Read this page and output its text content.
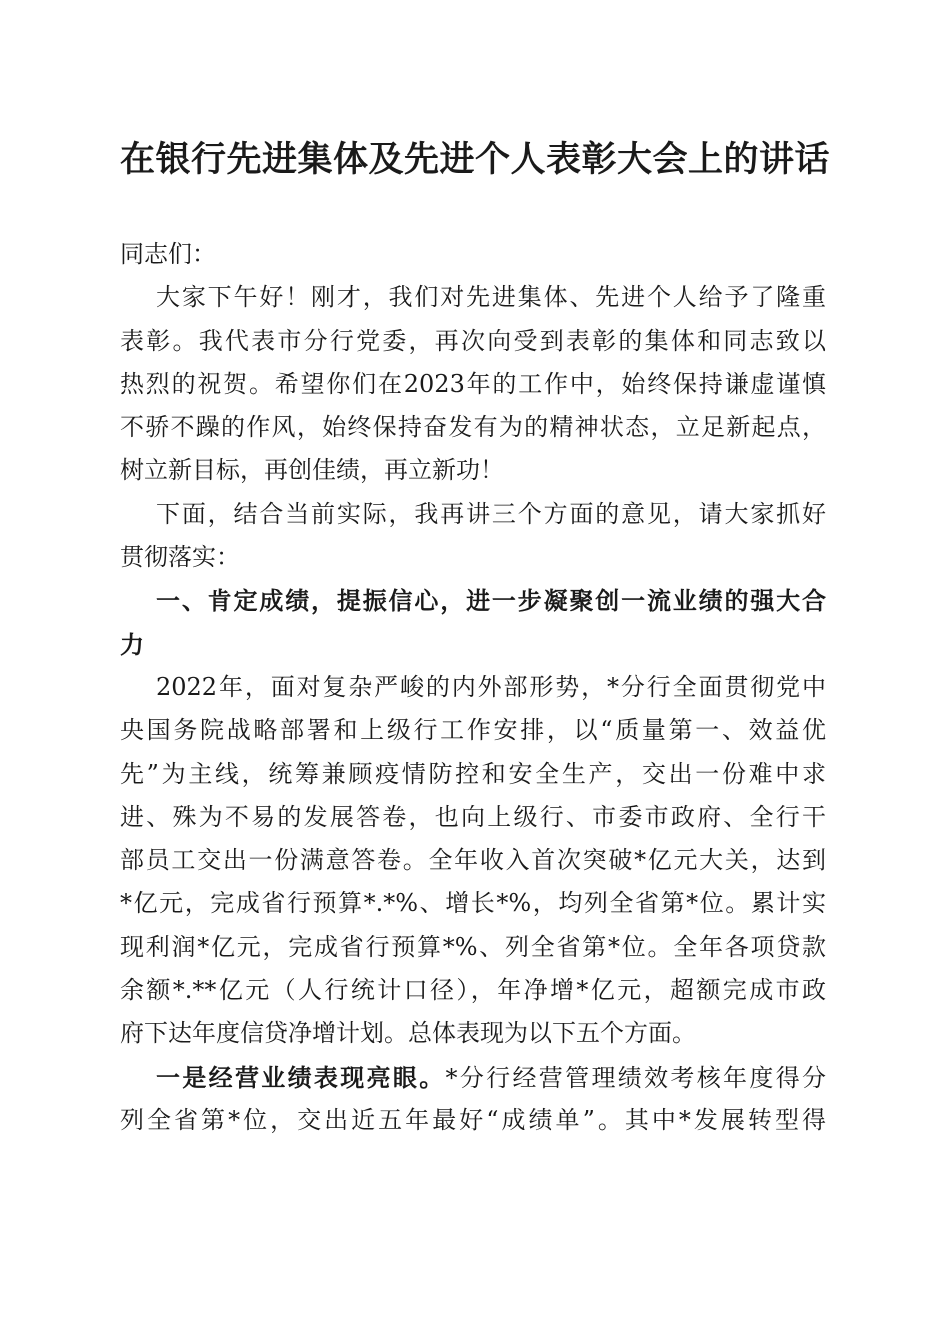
在银行先进集体及先进个人表彰大会上的讲话
同志们：
大家下午好！刚才，我们对先进集体、先进个人给予了隆重
表彰。我代表市分行党委，再次向受到表彰的集体和同志致以
热烈的祝贺。希望你们在2023年的工作中，始终保持谦虚谨慎
不骄不躁的作风，始终保持奋发有为的精神状态，立足新起点，
树立新目标，再创佳绩，再立新功！
下面，结合当前实际，我再讲三个方面的意见，请大家抓好
贯彻落实：
一、肯定成绩，提振信心，进一步凝聚创一流业绩的强大合
力
2022年，面对复杂严峻的内外部形势，*分行全面贯彻党中
央国务院战略部署和上级行工作安排，以“质量第一、效益优
先”为主线，统筹兼顾疫情防控和安全生产，交出一份难中求
进、殊为不易的发展答卷，也向上级行、市委市政府、全行干
部员工交出一份满意答卷。全年收入首次突破*亿元大关，达到
*亿元，完成省行预算*.*%、增长*%，均列全省第*位。累计实
现利润*亿元，完成省行预算*%、列全省第*位。全年各项贷款
余额*.**亿元（人行统计口径），年净增*亿元，超额完成市政
府下达年度信贷净增计划。总体表现为以下五个方面。
一是经营业绩表现亮眼。*分行经营管理绩效考核年度得分
列全省第*位，交出近五年最好“成绩单”。其中*发展转型得
